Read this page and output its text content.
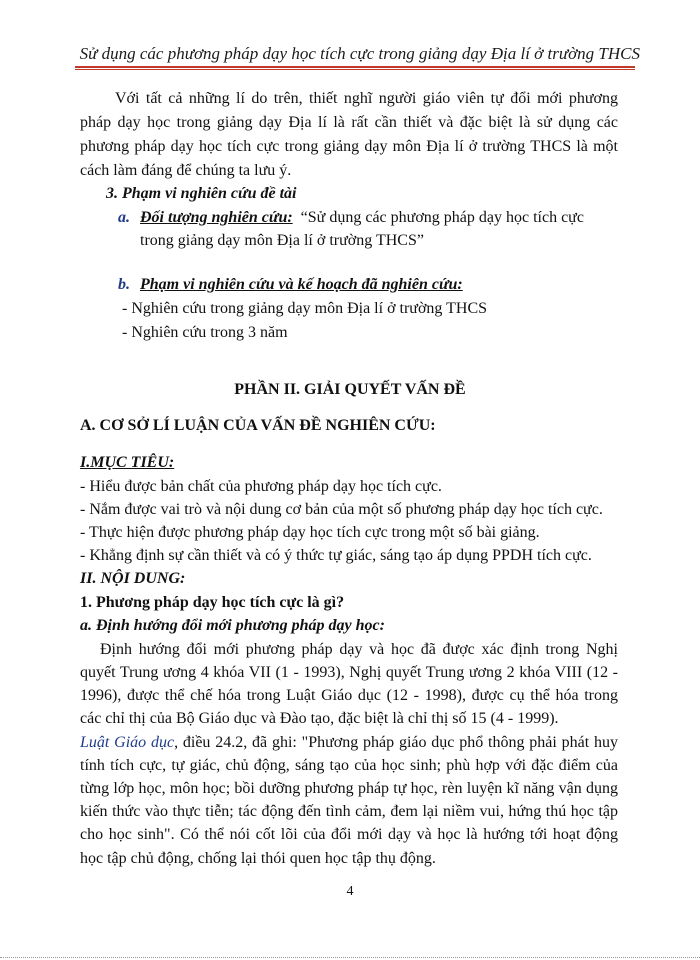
Sử dụng các phương pháp dạy học tích cực trong giảng dạy Địa lí ở trường THCS
Với tất cả những lí do trên, thiết nghĩ người giáo viên tự đổi mới phương
pháp dạy học trong giảng dạy Địa lí là rất cần thiết và đặc biệt là sử dụng các
phương pháp dạy học tích cực trong giảng dạy môn Địa lí ở trường THCS là một
cách làm đáng để chúng ta lưu ý.
3. Phạm vi nghiên cứu đề tài
a. Đối tượng nghiên cứu: “Sử dụng các phương pháp dạy học tích cực
trong giảng dạy môn Địa lí ở trường THCS”
b. Phạm vi nghiên cứu và kế hoạch đã nghiên cứu:
- Nghiên cứu trong giảng dạy môn Địa lí ở trường THCS
- Nghiên cứu trong 3 năm
PHẦN II. GIẢI QUYẾT VẤN ĐỀ
A. CƠ SỞ LÍ LUẬN CỦA VẤN ĐỀ NGHIÊN CỨU:
I.MỤC TIÊU:
- Hiểu được bản chất của phương pháp dạy học tích cực.
- Nắm được vai trò và nội dung cơ bản của một số phương pháp dạy học tích cực.
- Thực hiện được phương pháp dạy học tích cực trong một số bài giảng.
- Khẳng định sự cần thiết và có ý thức tự giác, sáng tạo áp dụng PPDH tích cực.
II. NỘI DUNG:
1. Phương pháp dạy học tích cực là gì?
a. Định hướng đổi mới phương pháp dạy học:
Định hướng đổi mới phương pháp dạy và học đã được xác định trong Nghị
quyết Trung ương 4 khóa VII (1 - 1993), Nghị quyết Trung ương 2 khóa VIII (12 -
1996), được thể chế hóa trong Luật Giáo dục (12 - 1998), được cụ thể hóa trong
các chỉ thị của Bộ Giáo dục và Đào tạo, đặc biệt là chỉ thị số 15 (4 - 1999).
Luật Giáo dục, điều 24.2, đã ghi: "Phương pháp giáo dục phổ thông phải phát huy
tính tích cực, tự giác, chủ động, sáng tạo của học sinh; phù hợp với đặc điểm của
từng lớp học, môn học; bồi dưỡng phương pháp tự học, rèn luyện kĩ năng vận dụng
kiến thức vào thực tiễn; tác động đến tình cảm, đem lại niềm vui, hứng thú học tập
cho học sinh". Có thể nói cốt lõi của đổi mới dạy và học là hướng tới hoạt động
học tập chủ động, chống lại thói quen học tập thụ động.
4
